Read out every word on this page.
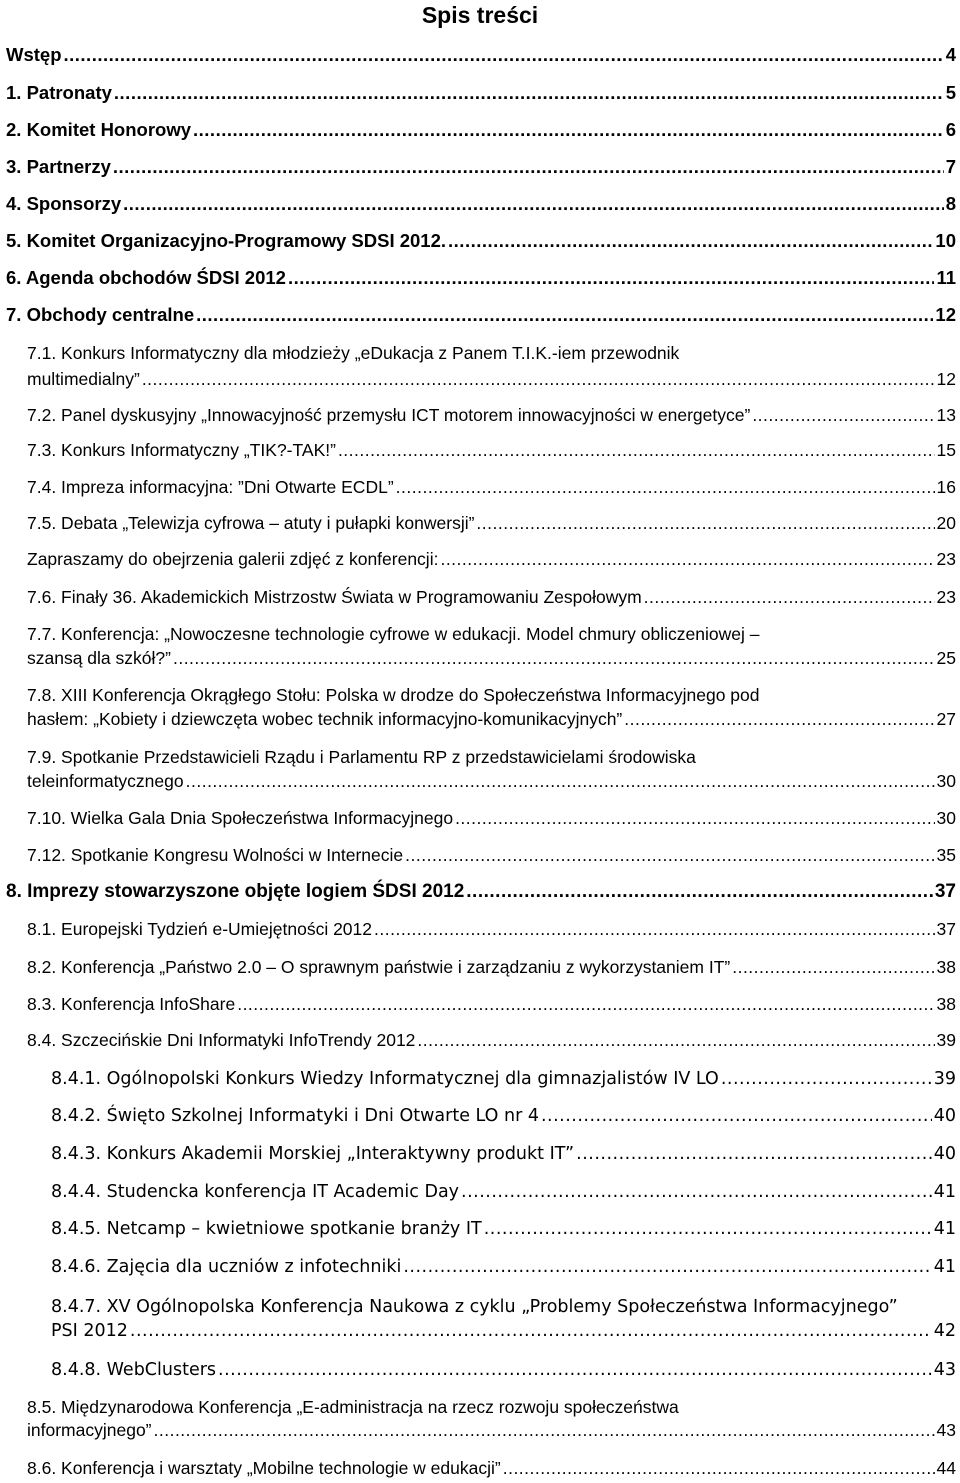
Spis treści
Wstęp .....	4
1. Patronaty .....	5
2. Komitet Honorowy .....	6
3. Partnerzy .....	7
4. Sponsorzy .....	8
5. Komitet Organizacyjno-Programowy SDSI 2012. .....	10
6. Agenda obchodów ŚDSI 2012 .....	11
7. Obchody centralne .....	12
7.1. Konkurs Informatyczny dla młodzieży „eDukacja z Panem T.I.K.-iem przewodnik
multimedialny” .....	12
7.2. Panel dyskusyjny „Innowacyjność przemysłu ICT motorem innowacyjności w energetyce” .....	13
7.3. Konkurs Informatyczny „TIK?-TAK!” .....	15
7.4. Impreza informacyjna: ”Dni Otwarte ECDL” .....	16
7.5. Debata „Telewizja cyfrowa – atuty i pułapki konwersji” .....	20
Zapraszamy do obejrzenia galerii zdjęć z konferencji: .....	23
7.6. Finały 36. Akademickich Mistrzostw Świata w Programowaniu Zespołowym .....	23
7.7. Konferencja: „Nowoczesne technologie cyfrowe w edukacji. Model chmury obliczeniowej –
szansą dla szkół?” .....	25
7.8. XIII Konferencja Okrągłego Stołu: Polska w drodze do Społeczeństwa Informacyjnego pod
hasłem: „Kobiety i dziewczęta wobec technik informacyjno-komunikacyjnych” .....	27
7.9. Spotkanie Przedstawicieli Rządu i Parlamentu RP z przedstawicielami środowiska
teleinformatycznego .....	30
7.10. Wielka Gala Dnia Społeczeństwa Informacyjnego .....	30
7.12. Spotkanie Kongresu Wolności w Internecie .....	35
8. Imprezy stowarzyszone objęte logiem ŚDSI 2012 .....	37
8.1. Europejski Tydzień e-Umiejętności 2012 .....	37
8.2. Konferencja „Państwo 2.0 – O sprawnym państwie i zarządzaniu z wykorzystaniem IT” .....	38
8.3. Konferencja InfoShare .....	38
8.4. Szczecińskie Dni Informatyki InfoTrendy 2012 .....	39
8.4.1. Ogólnopolski Konkurs Wiedzy Informatycznej dla gimnazjalistów IV LO .....	39
8.4.2. Święto Szkolnej Informatyki i Dni Otwarte LO nr 4 .....	40
8.4.3. Konkurs Akademii Morskiej „Interaktywny produkt IT” .....	40
8.4.4. Studencka konferencja IT Academic Day .....	41
8.4.5. Netcamp – kwietniowe spotkanie branży IT .....	41
8.4.6. Zajęcia dla uczniów z infotechniki .....	41
8.4.7. XV Ogólnopolska Konferencja Naukowa z cyklu „Problemy Społeczeństwa Informacyjnego”
PSI 2012 .....	42
8.4.8. WebClusters .....	43
8.5. Międzynarodowa Konferencja „E-administracja na rzecz rozwoju społeczeństwa
informacyjnego” .....	43
8.6. Konferencja i warsztaty „Mobilne technologie w edukacji” .....	44
